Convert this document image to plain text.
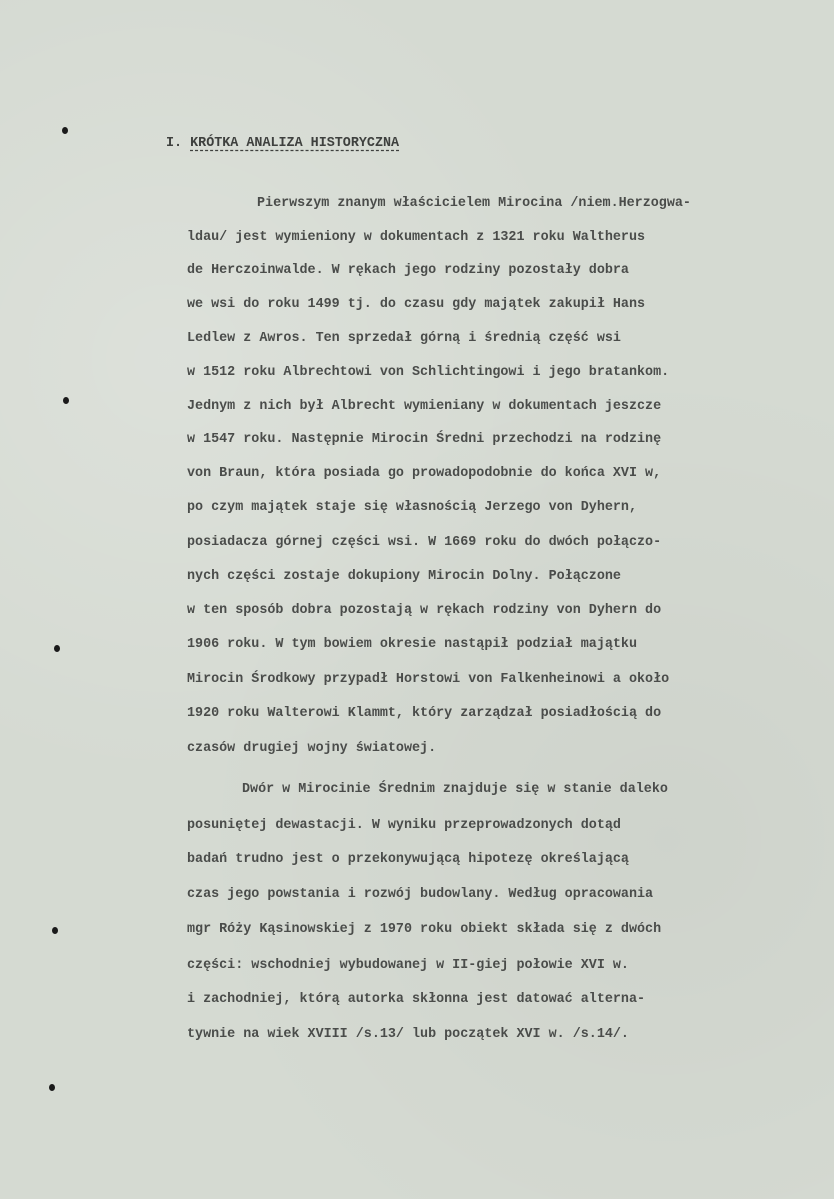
I. KRÓTKA ANALIZA HISTORYCZNA
Pierwszym znanym właścicielem Mirocina /niem.Herzogwa-
ldau/ jest wymieniony w dokumentach z 1321 roku Waltherus
de Herczoinwalde. W rękach jego rodziny pozostały dobra
we wsi do roku 1499 tj. do czasu gdy majątek zakupił Hans
Ledlew z Awros. Ten sprzedał górną i średnią część wsi
w 1512 roku Albrechtowi von Schlichtingowi i jego bratankom.
Jednym z nich był Albrecht wymieniany w dokumentach jeszcze
w 1547 roku. Następnie Mirocin Średni przechodzi na rodzinę
von Braun, która posiada go prowadopodobnie do końca XVI w,
po czym majątek staje się własnością Jerzego von Dyhern,
posiadacza górnej części wsi. W 1669 roku do dwóch połączo-
nych części zostaje dokupiony Mirocin Dolny. Połączone
w ten sposób dobra pozostają w rękach rodziny von Dyhern do
1906 roku. W tym bowiem okresie nastąpił podział majątku
Mirocin Środkowy przypadł Horstowi von Falkenheinowi a około
1920 roku Walterowi Klammt, który zarządzał posiadłością do
czasów drugiej wojny światowej.
Dwór w Mirocinie Średnim znajduje się w stanie daleko
posuniętej dewastacji. W wyniku przeprowadzonych dotąd
badań trudno jest o przekonywującą hipotezę określającą
czas jego powstania i rozwój budowlany. Według opracowania
mgr Róży Kąsinowskiej z 1970 roku obiekt składa się z dwóch
części: wschodniej wybudowanej w II-giej połowie XVI w.
i zachodniej, którą autorka skłonna jest datować alterna-
tywnie na wiek XVIII /s.13/ lub początek XVI w. /s.14/.
